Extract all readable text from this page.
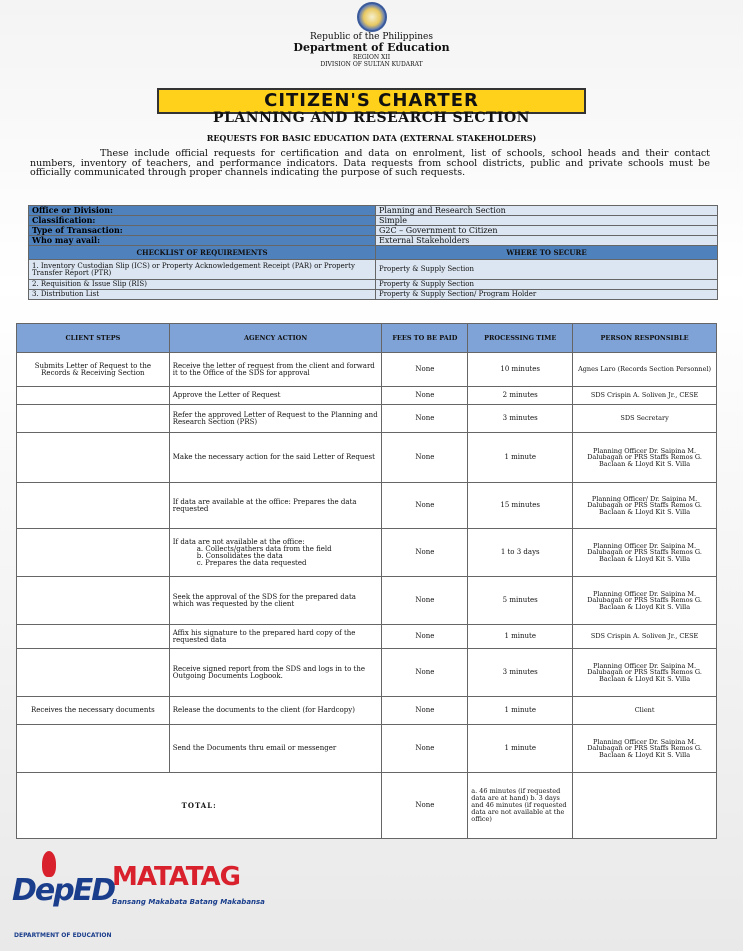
Republic of the Philippines
Department of Education
REGION XII
DIVISION OF SULTAN KUDARAT
CITIZEN'S CHARTER
PLANNING AND RESEARCH SECTION
REQUESTS FOR BASIC EDUCATION DATA (EXTERNAL STAKEHOLDERS)
These include official requests for certification and data on enrolment, list of schools, school heads and their contact numbers, inventory of teachers, and performance indicators. Data requests from school districts, public and private schools must be officially communicated through proper channels indicating the purpose of such requests.
Office or Division:	Planning and Research Section
Classification:	Simple
Type of Transaction:	G2C – Government to Citizen
Who may avail:	External Stakeholders
CHECKLIST OF REQUIREMENTS	WHERE TO SECURE
1. Inventory Custodian Slip (ICS) or Property Acknowledgement Receipt (PAR) or Property Transfer Report (PTR)	Property & Supply Section
2. Requisition & Issue Slip (RIS)	Property & Supply Section
3. Distribution List	Property & Supply Section/ Program Holder
CLIENT STEPS	AGENCY ACTION	FEES TO BE PAID	PROCESSING TIME	PERSON RESPONSIBLE
Submits Letter of Request to the Records & Receiving Section	Receive the letter of request from the client and forward it to the Office of the SDS for approval	None	10 minutes	Agnes Laro (Records Section Personnel)
	Approve the Letter of Request	None	2 minutes	SDS Crispin A. Soliven Jr., CESE
	Refer the approved Letter of Request to the Planning and Research Section (PRS)	None	3 minutes	SDS Secretary
	Make the necessary action for the said Letter of Request	None	1 minute	Planning Officer Dr. Saipina M. Dalubagan or PRS Staffs Remos G. Baclaan & Lloyd Kit S. Villa
	If data are available at the office: Prepares the data requested	None	15 minutes	Planning Officer/ Dr. Saipina M. Dalubagan or PRS Staffs Remos G. Baclaan & Lloyd Kit S. Villa

	If data are not available at the office:
a. Collects/gathers data from the field
b. Consolidates the data
c. Prepares the data requested	None	1 to 3 days	Planning Officer Dr. Saipina M. Dalubagan or PRS Staffs Remos G. Baclaan & Lloyd Kit S. Villa
	Seek the approval of the SDS for the prepared data which was requested by the client	None	5 minutes	Planning Officer Dr. Saipina M. Dalubagan or PRS Staffs Remos G. Baclaan & Lloyd Kit S. Villa
	Affix his signature to the prepared hard copy of the requested data	None	1 minute	SDS Crispin A. Soliven Jr., CESE
	Receive signed report from the SDS and logs in to the Outgoing Documents Logbook.	None	3 minutes	Planning Officer Dr. Saipina M. Dalubagan or PRS Staffs Remos G. Baclaan & Lloyd Kit S. Villa
Receives the necessary documents	Release the documents to the client (for Hardcopy)	None	1 minute	Client
	Send the Documents thru email or messenger	None	1 minute	Planning Officer Dr. Saipina M. Dalubagan or PRS Staffs Remos G. Baclaan & Lloyd Kit S. Villa
TOTAL:		None	a. 46 minutes (if requested data are at hand) b. 3 days and 46 minutes (if requested data are not available at the office)	
DepED
DEPARTMENT OF EDUCATION
MATATAG
Bansang Makabata Batang Makabansa
